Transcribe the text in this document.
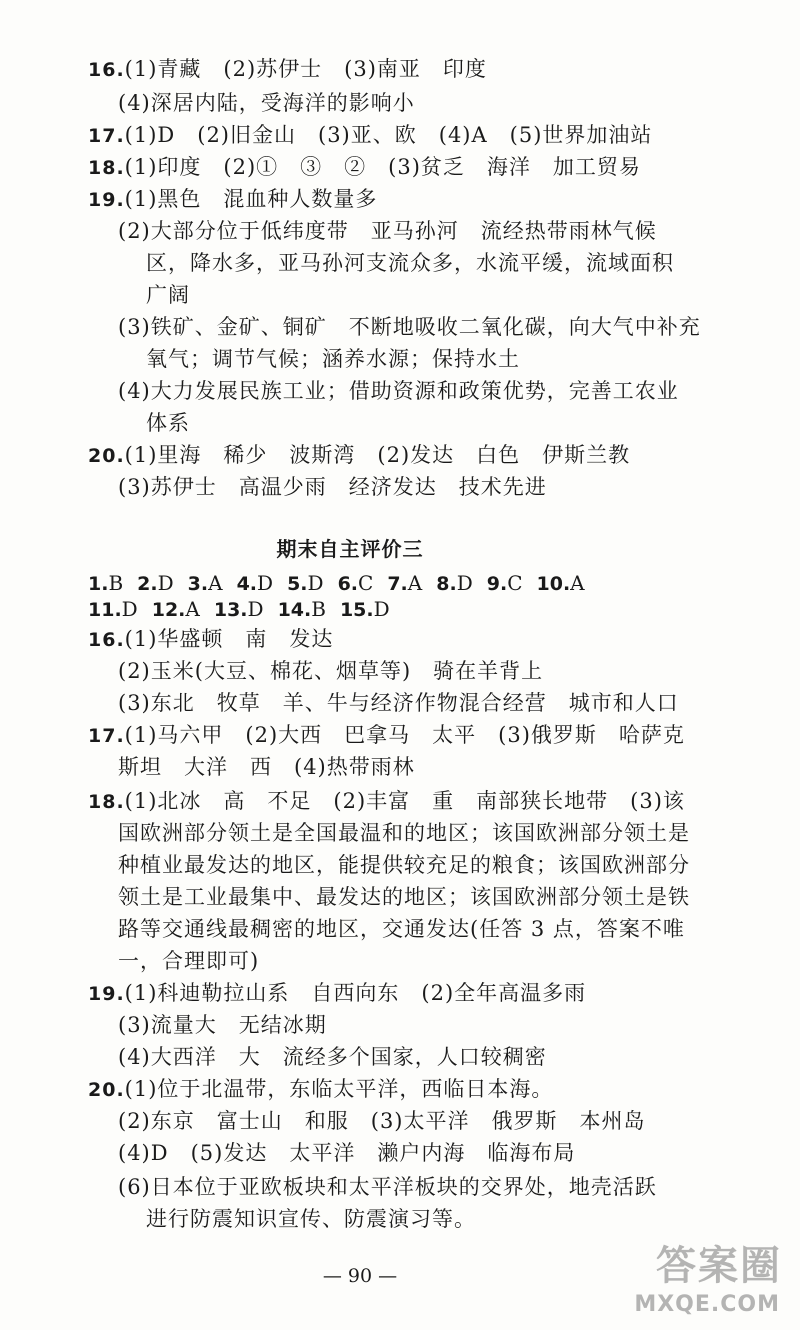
16.(1)青藏　(2)苏伊士　(3)南亚　印度
(4)深居内陆，受海洋的影响小
17.(1)D　(2)旧金山　(3)亚、欧　(4)A　(5)世界加油站
18.(1)印度　(2)①　③　②　(3)贫乏　海洋　加工贸易
19.(1)黑色　混血种人数量多
(2)大部分位于低纬度带　亚马孙河　流经热带雨林气候
区，降水多，亚马孙河支流众多，水流平缓，流域面积
广阔
(3)铁矿、金矿、铜矿　不断地吸收二氧化碳，向大气中补充
氧气；调节气候；涵养水源；保持水土
(4)大力发展民族工业；借助资源和政策优势，完善工农业
体系
20.(1)里海　稀少　波斯湾　(2)发达　白色　伊斯兰教
(3)苏伊士　高温少雨　经济发达　技术先进
16.(1)华盛顿　南　发达
(2)玉米(大豆、棉花、烟草等)　骑在羊背上
(3)东北　牧草　羊、牛与经济作物混合经营　城市和人口
17.(1)马六甲　(2)大西　巴拿马　太平　(3)俄罗斯　哈萨克
斯坦　大洋　西　(4)热带雨林
18.(1)北冰　高　不足　(2)丰富　重　南部狭长地带　(3)该
国欧洲部分领土是全国最温和的地区；该国欧洲部分领土是
种植业最发达的地区，能提供较充足的粮食；该国欧洲部分
领土是工业最集中、最发达的地区；该国欧洲部分领土是铁
路等交通线最稠密的地区，交通发达(任答 3 点，答案不唯
一，合理即可)
19.(1)科迪勒拉山系　自西向东　(2)全年高温多雨
(3)流量大　无结冰期
(4)大西洋　大　流经多个国家，人口较稠密
20.(1)位于北温带，东临太平洋，西临日本海。
(2)东京　富士山　和服　(3)太平洋　俄罗斯　本州岛
(4)D　(5)发达　太平洋　濑户内海　临海布局
(6)日本位于亚欧板块和太平洋板块的交界处，地壳活跃
进行防震知识宣传、防震演习等。
期末自主评价三
1.B 2.D 3.A 4.D 5.D 6.C 7.A 8.D 9.C 10.A
11.D 12.A 13.D 14.B 15.D
— 90 —	答案圈
MXQE.COM
